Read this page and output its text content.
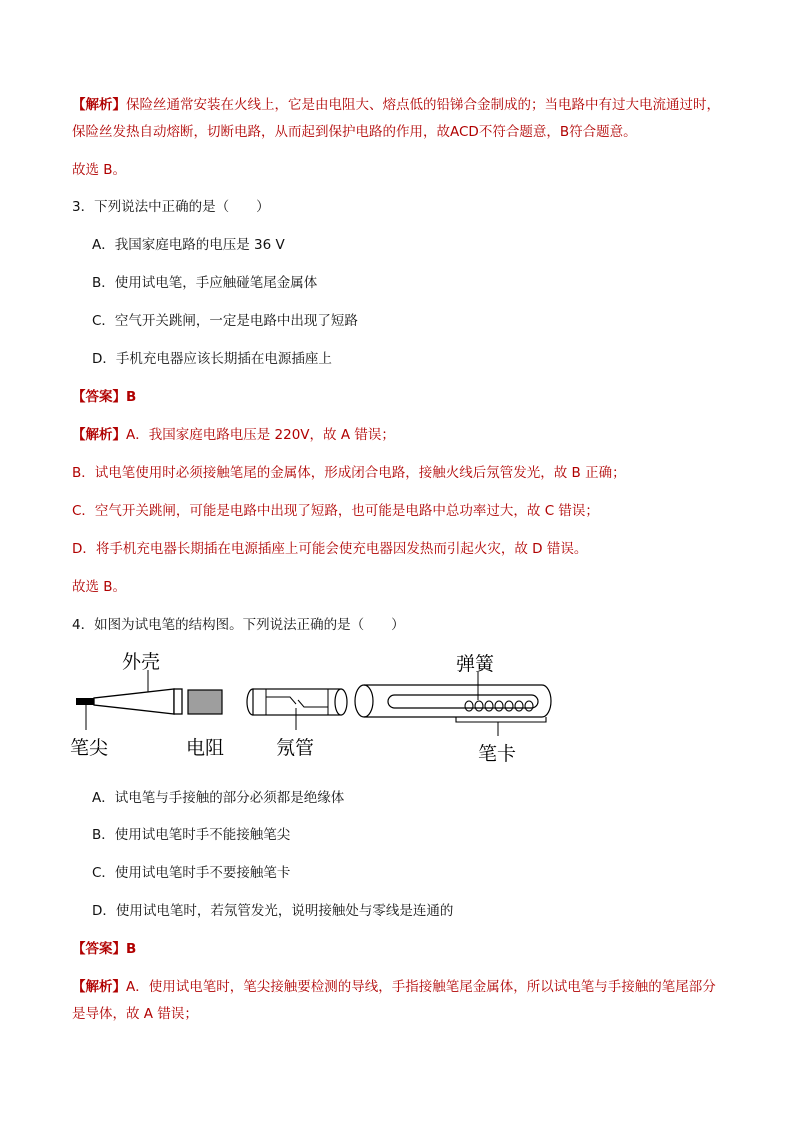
【解析】保险丝通常安装在火线上，它是由电阻大、熔点低的铅锑合金制成的；当电路中有过大电流通过时，保险丝发热自动熔断，切断电路，从而起到保护电路的作用，故ACD不符合题意，B符合题意。
故选 B。
3．下列说法中正确的是（　　）
A．我国家庭电路的电压是 36 V
B．使用试电笔，手应触碰笔尾金属体
C．空气开关跳闸，一定是电路中出现了短路
D．手机充电器应该长期插在电源插座上
【答案】B
【解析】A．我国家庭电路电压是 220V，故 A 错误；
B．试电笔使用时必须接触笔尾的金属体，形成闭合电路，接触火线后氖管发光，故 B 正确；
C．空气开关跳闸，可能是电路中出现了短路，也可能是电路中总功率过大，故 C 错误；
D．将手机充电器长期插在电源插座上可能会使充电器因发热而引起火灾，故 D 错误。
故选 B。
4．如图为试电笔的结构图。下列说法正确的是（　　）
外壳
笔尖	电阻	氖管
弹簧
笔卡
A．试电笔与手接触的部分必须都是绝缘体
B．使用试电笔时手不能接触笔尖
C．使用试电笔时手不要接触笔卡
D．使用试电笔时，若氖管发光，说明接触处与零线是连通的
【答案】B
【解析】A．使用试电笔时，笔尖接触要检测的导线，手指接触笔尾金属体，所以试电笔与手接触的笔尾部分是导体，故 A 错误；
